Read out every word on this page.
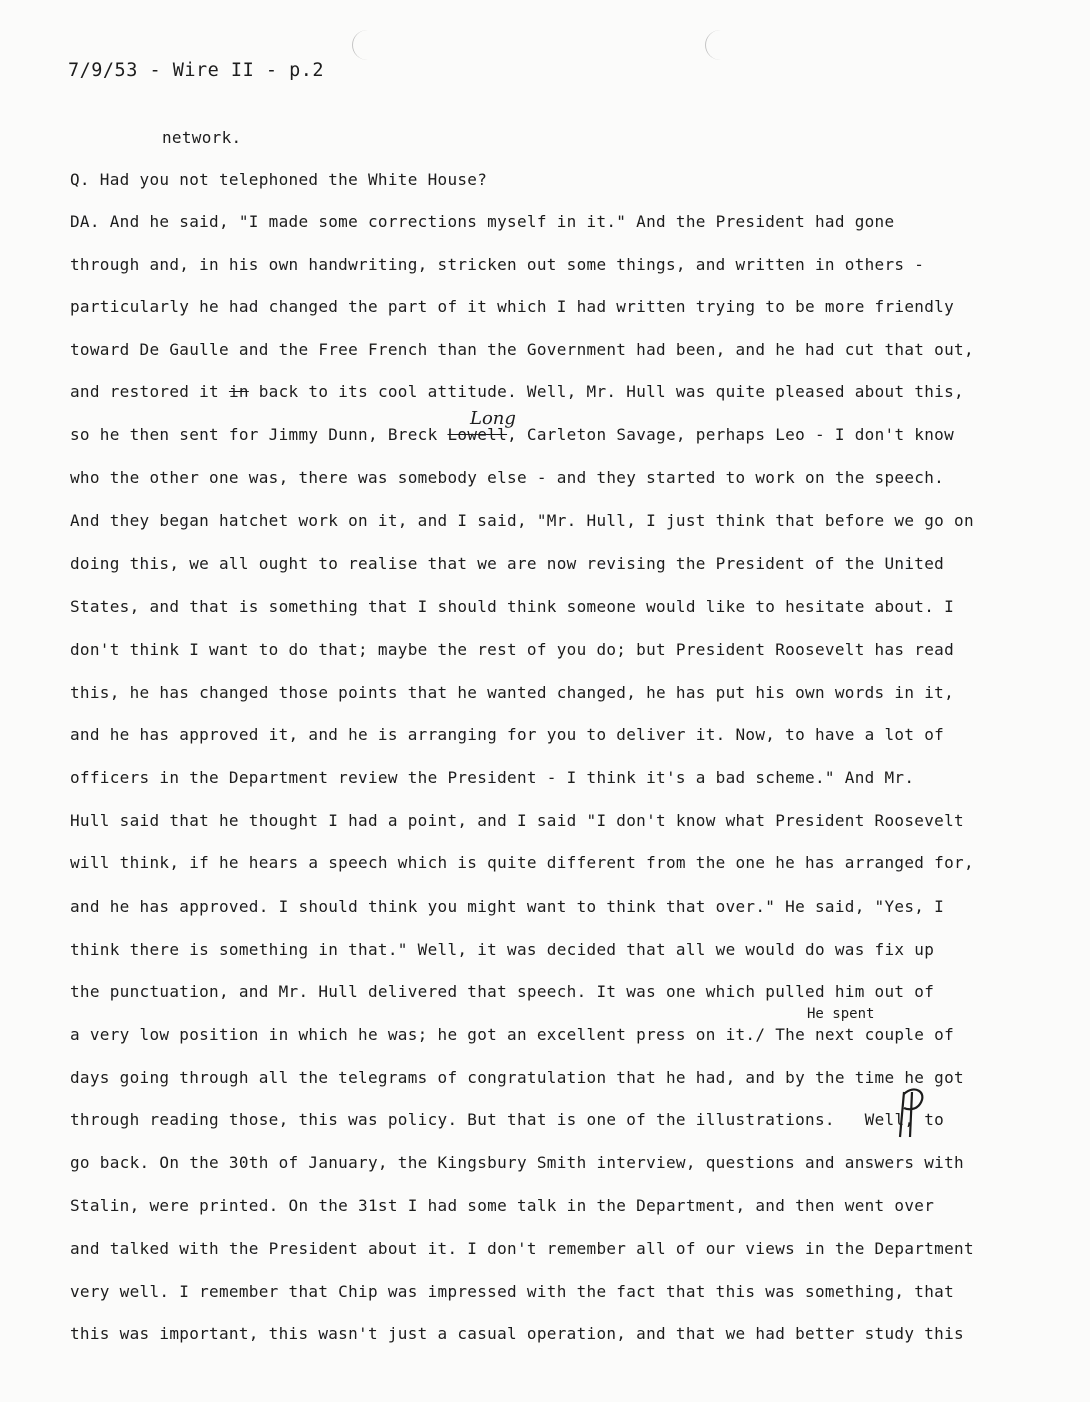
7/9/53 - Wire II - p.2
network.
Q. Had you not telephoned the White House?
DA. And he said, "I made some corrections myself in it." And the President had gone
through and, in his own handwriting, stricken out some things, and written in others -
particularly he had changed the part of it which I had written trying to be more friendly
toward De Gaulle and the Free French than the Government had been, and he had cut that out,
and restored it in back to its cool attitude. Well, Mr. Hull was quite pleased about this,
Long
so he then sent for Jimmy Dunn, Breck Lowell, Carleton Savage, perhaps Leo - I don't know
who the other one was, there was somebody else - and they started to work on the speech.
And they began hatchet work on it, and I said, "Mr. Hull, I just think that before we go on
doing this, we all ought to realise that we are now revising the President of the United
States, and that is something that I should think someone would like to hesitate about. I
don't think I want to do that; maybe the rest of you do; but President Roosevelt has read
this, he has changed those points that he wanted changed, he has put his own words in it,
and he has approved it, and he is arranging for you to deliver it. Now, to have a lot of
officers in the Department review the President - I think it's a bad scheme." And Mr.
Hull said that he thought I had a point, and I said "I don't know what President Roosevelt
will think, if he hears a speech which is quite different from the one he has arranged for,
and he has approved. I should think you might want to think that over." He said, "Yes, I
think there is something in that." Well, it was decided that all we would do was fix up
the punctuation, and Mr. Hull delivered that speech. It was one which pulled him out of
He spent
a very low position in which he was; he got an excellent press on it./ The next couple of
days going through all the telegrams of congratulation that he had, and by the time he got
through reading those, this was policy. But that is one of the illustrations. Well, to
go back. On the 30th of January, the Kingsbury Smith interview, questions and answers with
Stalin, were printed. On the 31st I had some talk in the Department, and then went over
and talked with the President about it. I don't remember all of our views in the Department
very well. I remember that Chip was impressed with the fact that this was something, that
this was important, this wasn't just a casual operation, and that we had better study this
